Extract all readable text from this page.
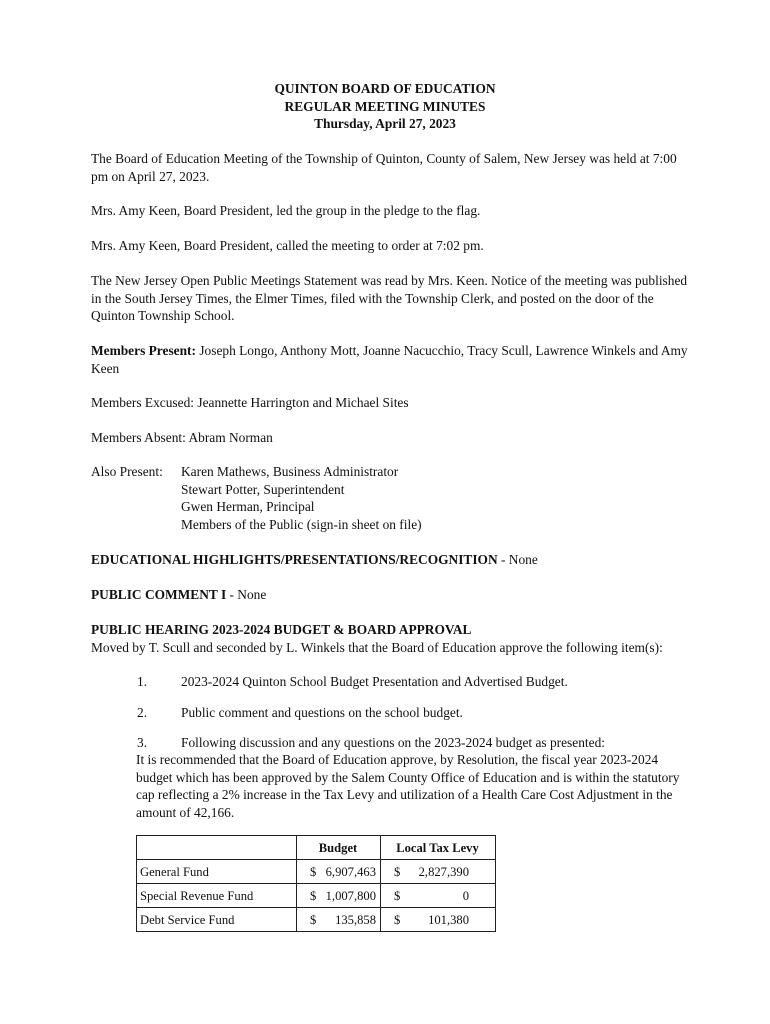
QUINTON BOARD OF EDUCATION
REGULAR MEETING MINUTES
Thursday, April 27, 2023
The Board of Education Meeting of the Township of Quinton, County of Salem, New Jersey was held at 7:00 pm on April 27, 2023.
Mrs. Amy Keen, Board President, led the group in the pledge to the flag.
Mrs. Amy Keen, Board President, called the meeting to order at 7:02 pm.
The New Jersey Open Public Meetings Statement was read by Mrs. Keen. Notice of the meeting was published in the South Jersey Times, the Elmer Times, filed with the Township Clerk, and posted on the door of the Quinton Township School.
Members Present: Joseph Longo, Anthony Mott, Joanne Nacucchio, Tracy Scull, Lawrence Winkels and Amy Keen
Members Excused: Jeannette Harrington and Michael Sites
Members Absent: Abram Norman
Also Present: Karen Mathews, Business Administrator
Stewart Potter, Superintendent
Gwen Herman, Principal
Members of the Public (sign-in sheet on file)
EDUCATIONAL HIGHLIGHTS/PRESENTATIONS/RECOGNITION - None
PUBLIC COMMENT I - None
PUBLIC HEARING 2023-2024 BUDGET & BOARD APPROVAL
Moved by T. Scull and seconded by L. Winkels that the Board of Education approve the following item(s):
1.	2023-2024 Quinton School Budget Presentation and Advertised Budget.
2.	Public comment and questions on the school budget.
3.	Following discussion and any questions on the 2023-2024 budget as presented:
It is recommended that the Board of Education approve, by Resolution, the fiscal year 2023-2024 budget which has been approved by the Salem County Office of Education and is within the statutory cap reflecting a 2% increase in the Tax Levy and utilization of a Health Care Cost Adjustment in the amount of 42,166.
	Budget	Local Tax Levy
General Fund	$ 6,907,463	$ 2,827,390

Special Revenue Fund	$ 1,007,800	$ 0

Debt Service Fund	$ 135,858	$ 101,380
